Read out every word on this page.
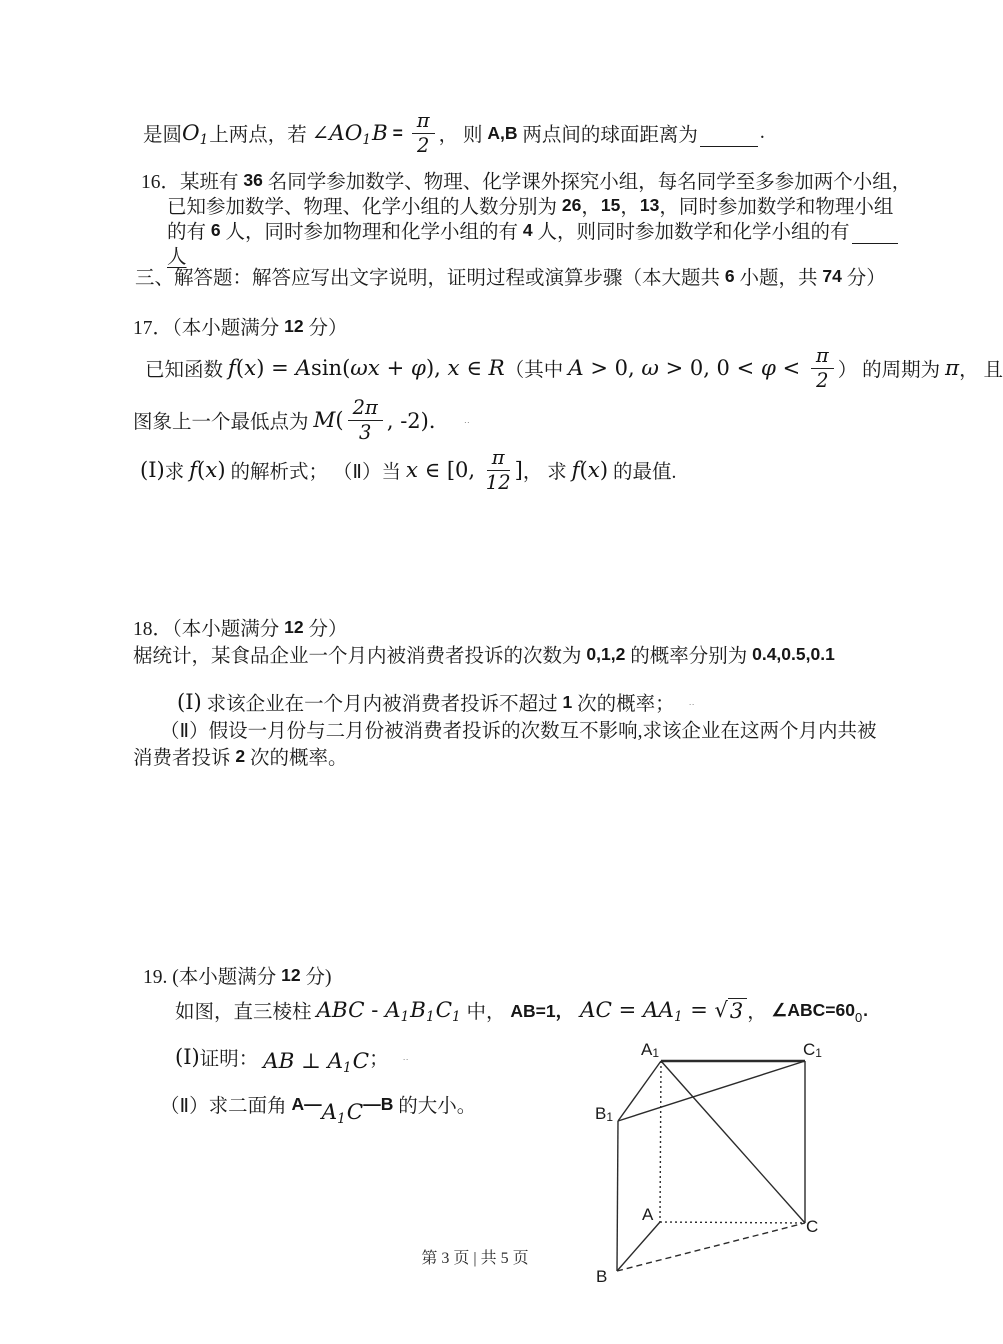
是圆 O 1 上两点，若 ∠ AO 1 $B = \frac{\pi}{2}$ ， 则 A,B 两点间的球面距离为	.
16．某班有 36 名同学参加数学、物理、化学课外探究小组，每名同学至多参加两个小组，
已知参加数学、物理、化学小组的人数分别为 26 ， 15 ， 13 ，同时参加数学和物理小组
的有 6 人，同时参加物理和化学小组的有 4 人，则同时参加数学和化学小组的有
人
三、解答题：解答应写出文字说明，证明过程或演算步骤（本大题共 6 小题，共 74 分）
17．（本小题满分 12 分）
已知函数 f ( x ) = A sin( ωx + φ ), x ∈ R （其中 A > 0, ω > 0, $0 < \varphi < \frac{\pi}{2}$ ） 的周期为 π ， 且
图象上一个最低点为 M ( $\frac{2\pi}{3}$ , -2)． ‥
(I) 求 f ( x ) 的解析式； （Ⅱ）当 x ∈ [0, $\frac{\pi}{12}$ ] ， 求 f ( x ) 的最值.
18．（本小题满分 12 分）
椐统计，某食品企业一个月内被消费者投诉的次数为 0,1,2 的概率分别为 0.4,0.5,0.1
(I) 求该企业在一个月内被消费者投诉不超过 1 次的概率； ‥
（Ⅱ）假设一月份与二月份被消费者投诉的次数互不影响,求该企业在这两个月内共被
消费者投诉 2 次的概率。
19. (本小题满分 12 分)
如图，直三棱柱 ABC - A 1 B 1 C 1 中， AB=1， AC = AA 1 = √ 3 ， ∠ABC=60 0 .
(I) 证明： AB ⊥ A 1 C ； ‥
（Ⅱ）求二面角 A— A 1 C —B 的大小。
A1	C1
B1
A
C
B
第 3 页 | 共 5 页
